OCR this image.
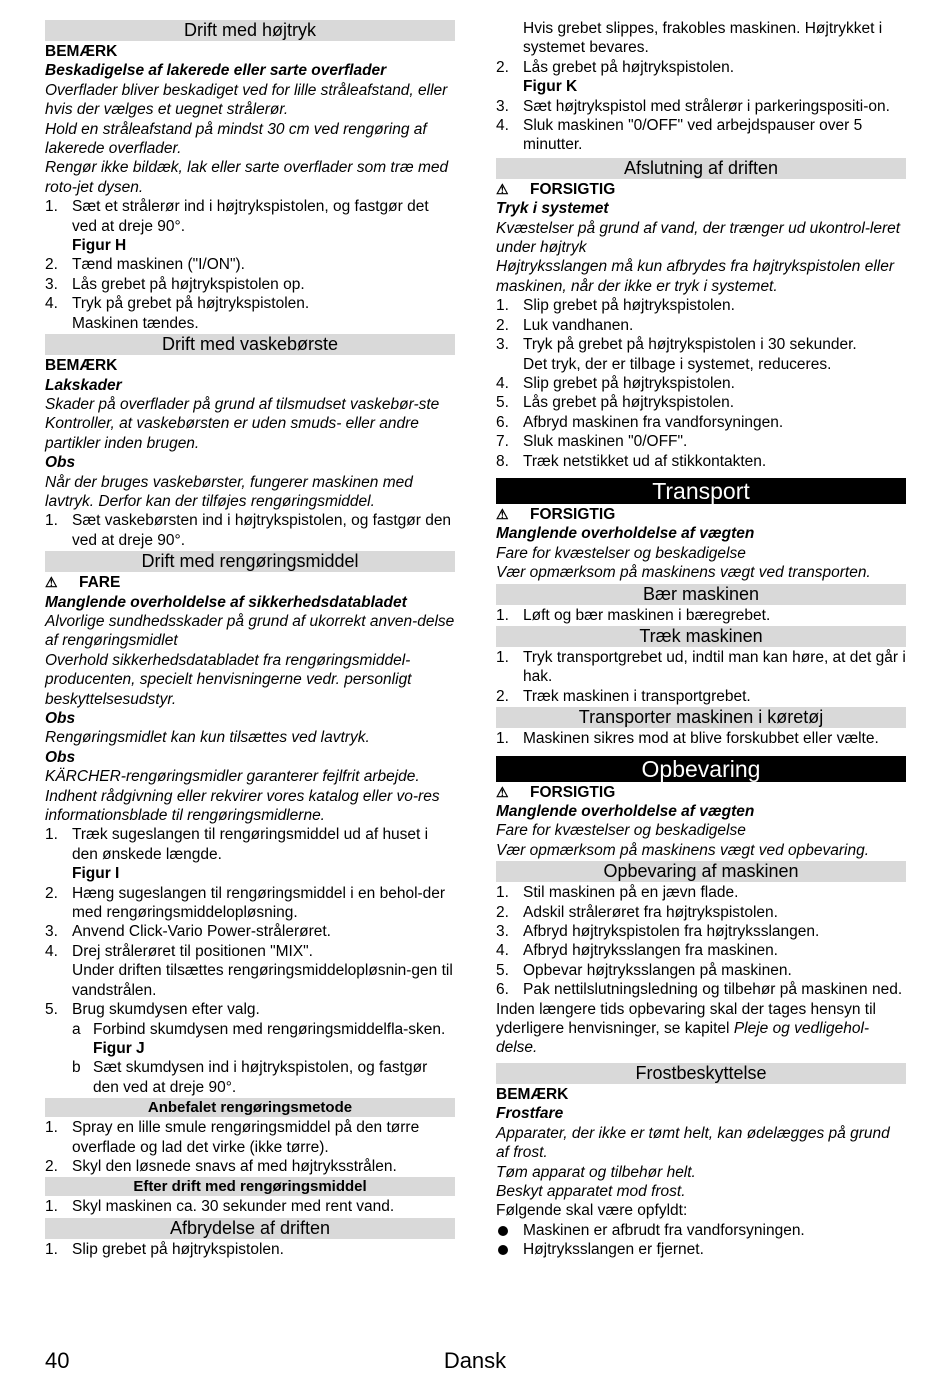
Drift med højtryk
BEMÆRK
Beskadigelse af lakerede eller sarte overflader
Overflader bliver beskadiget ved for lille stråleafstand, eller hvis der vælges et uegnet strålerør.
Hold en stråleafstand på mindst 30 cm ved rengøring af lakerede overflader.
Rengør ikke bildæk, lak eller sarte overflader som træ med roto-jet dysen.
1. Sæt et strålerør ind i højtrykspistolen, og fastgør det ved at dreje 90°.
Figur H
2. Tænd maskinen ("I/ON").
3. Lås grebet på højtrykspistolen op.
4. Tryk på grebet på højtrykspistolen.
Maskinen tændes.
Drift med vaskebørste
BEMÆRK
Lakskader
Skader på overflader på grund af tilsmudset vaskebør-ste
Kontroller, at vaskebørsten er uden smuds- eller andre partikler inden brugen.
Obs
Når der bruges vaskebørster, fungerer maskinen med lavtryk. Derfor kan der tilføjes rengøringsmiddel.
1. Sæt vaskebørsten ind i højtrykspistolen, og fastgør den ved at dreje 90°.
Drift med rengøringsmiddel
⚠	FARE
Manglende overholdelse af sikkerhedsdatabladet
Alvorlige sundhedsskader på grund af ukorrekt anven-delse af rengøringsmidlet
Overhold sikkerhedsdatabladet fra rengøringsmiddel-producenten, specielt henvisningerne vedr. personligt beskyttelsesudstyr.
Obs
Rengøringsmidlet kan kun tilsættes ved lavtryk.
Obs
KÄRCHER-rengøringsmidler garanterer fejlfrit arbejde. Indhent rådgivning eller rekvirer vores katalog eller vo-res informationsblade til rengøringsmidlerne.
1. Træk sugeslangen til rengøringsmiddel ud af huset i den ønskede længde.
Figur I
2. Hæng sugeslangen til rengøringsmiddel i en behol-der med rengøringsmiddelopløsning.
3. Anvend Click-Vario Power-strålerøret.
4. Drej strålerøret til positionen "MIX".
Under driften tilsættes rengøringsmiddelopløsnin-gen til vandstrålen.
5. Brug skumdysen efter valg.
a Forbind skumdysen med rengøringsmiddelfla-sken.
Figur J
b Sæt skumdysen ind i højtrykspistolen, og fastgør den ved at dreje 90°.
Anbefalet rengøringsmetode
1. Spray en lille smule rengøringsmiddel på den tørre overflade og lad det virke (ikke tørre).
2. Skyl den løsnede snavs af med højtryksstrålen.
Efter drift med rengøringsmiddel
1. Skyl maskinen ca. 30 sekunder med rent vand.
Afbrydelse af driften
1. Slip grebet på højtrykspistolen.
Hvis grebet slippes, frakobles maskinen. Højtrykket i systemet bevares.
2. Lås grebet på højtrykspistolen.
Figur K
3. Sæt højtrykspistol med strålerør i parkeringspositi-on.
4. Sluk maskinen "0/OFF" ved arbejdspauser over 5 minutter.
Afslutning af driften
⚠	FORSIGTIG
Tryk i systemet
Kvæstelser på grund af vand, der trænger ud ukontrol-leret under højtryk
Højtryksslangen må kun afbrydes fra højtrykspistolen eller maskinen, når der ikke er tryk i systemet.
1. Slip grebet på højtrykspistolen.
2. Luk vandhanen.
3. Tryk på grebet på højtrykspistolen i 30 sekunder.
Det tryk, der er tilbage i systemet, reduceres.
4. Slip grebet på højtrykspistolen.
5. Lås grebet på højtrykspistolen.
6. Afbryd maskinen fra vandforsyningen.
7. Sluk maskinen "0/OFF".
8. Træk netstikket ud af stikkontakten.
Transport
⚠	FORSIGTIG
Manglende overholdelse af vægten
Fare for kvæstelser og beskadigelse
Vær opmærksom på maskinens vægt ved transporten.
Bær maskinen
1. Løft og bær maskinen i bæregrebet.
Træk maskinen
1. Tryk transportgrebet ud, indtil man kan høre, at det går i hak.
2. Træk maskinen i transportgrebet.
Transporter maskinen i køretøj
1. Maskinen sikres mod at blive forskubbet eller vælte.
Opbevaring
⚠	FORSIGTIG
Manglende overholdelse af vægten
Fare for kvæstelser og beskadigelse
Vær opmærksom på maskinens vægt ved opbevaring.
Opbevaring af maskinen
1. Stil maskinen på en jævn flade.
2. Adskil strålerøret fra højtrykspistolen.
3. Afbryd højtrykspistolen fra højtryksslangen.
4. Afbryd højtryksslangen fra maskinen.
5. Opbevar højtryksslangen på maskinen.
6. Pak nettilslutningsledning og tilbehør på maskinen ned.
Inden længere tids opbevaring skal der tages hensyn til yderligere henvisninger, se kapitel Pleje og vedligehol-delse.
Frostbeskyttelse
BEMÆRK
Frostfare
Apparater, der ikke er tømt helt, kan ødelægges på grund af frost.
Tøm apparat og tilbehør helt.
Beskyt apparatet mod frost.
Følgende skal være opfyldt:
Maskinen er afbrudt fra vandforsyningen.
Højtryksslangen er fjernet.
Dansk
40
